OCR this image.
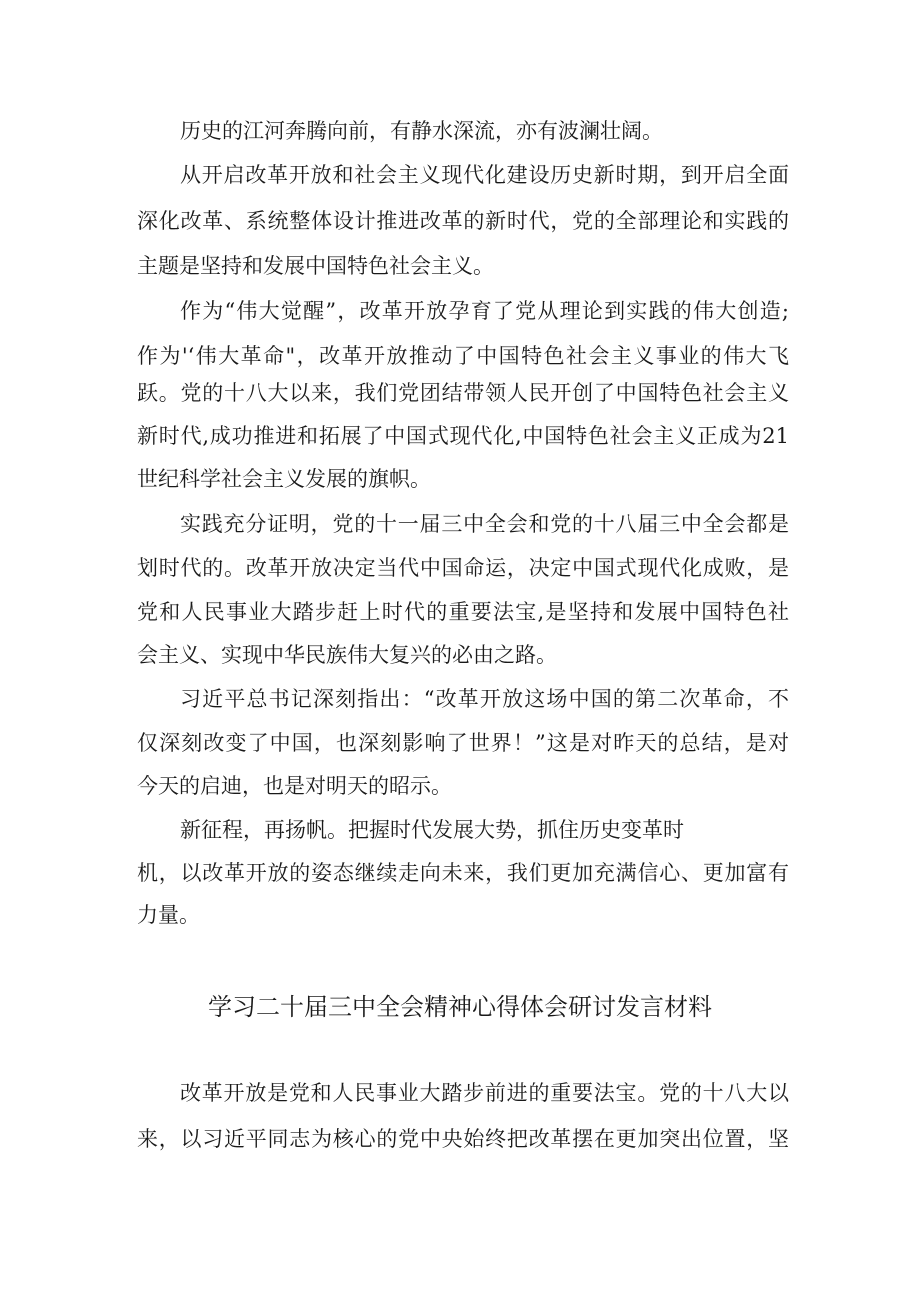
历史的江河奔腾向前，有静水深流，亦有波澜壮阔。

从开启改革开放和社会主义现代化建设历史新时期，到开启全面

深化改革、系统整体设计推进改革的新时代，党的全部理论和实践的

主题是坚持和发展中国特色社会主义。

作为“伟大觉醒”，改革开放孕育了党从理论到实践的伟大创造;

作为'‘伟大革命"，改革开放推动了中国特色社会主义事业的伟大飞

跃。党的十八大以来，我们党团结带领人民开创了中国特色社会主义

新时代,成功推进和拓展了中国式现代化,中国特色社会主义正成为21

世纪科学社会主义发展的旗帜。

实践充分证明，党的十一届三中全会和党的十八届三中全会都是

划时代的。改革开放决定当代中国命运，决定中国式现代化成败，是

党和人民事业大踏步赶上时代的重要法宝,是坚持和发展中国特色社

会主义、实现中华民族伟大复兴的必由之路。

习近平总书记深刻指出：“改革开放这场中国的第二次革命，不

仅深刻改变了中国，也深刻影响了世界！”这是对昨天的总结，是对

今天的启迪，也是对明天的昭示。

新征程，再扬帆。把握时代发展大势，抓住历史变革时

机，以改革开放的姿态继续走向未来，我们更加充满信心、更加富有

力量。

学习二十届三中全会精神心得体会研讨发言材料

改革开放是党和人民事业大踏步前进的重要法宝。党的十八大以

来，以习近平同志为核心的党中央始终把改革摆在更加突出位置，坚
